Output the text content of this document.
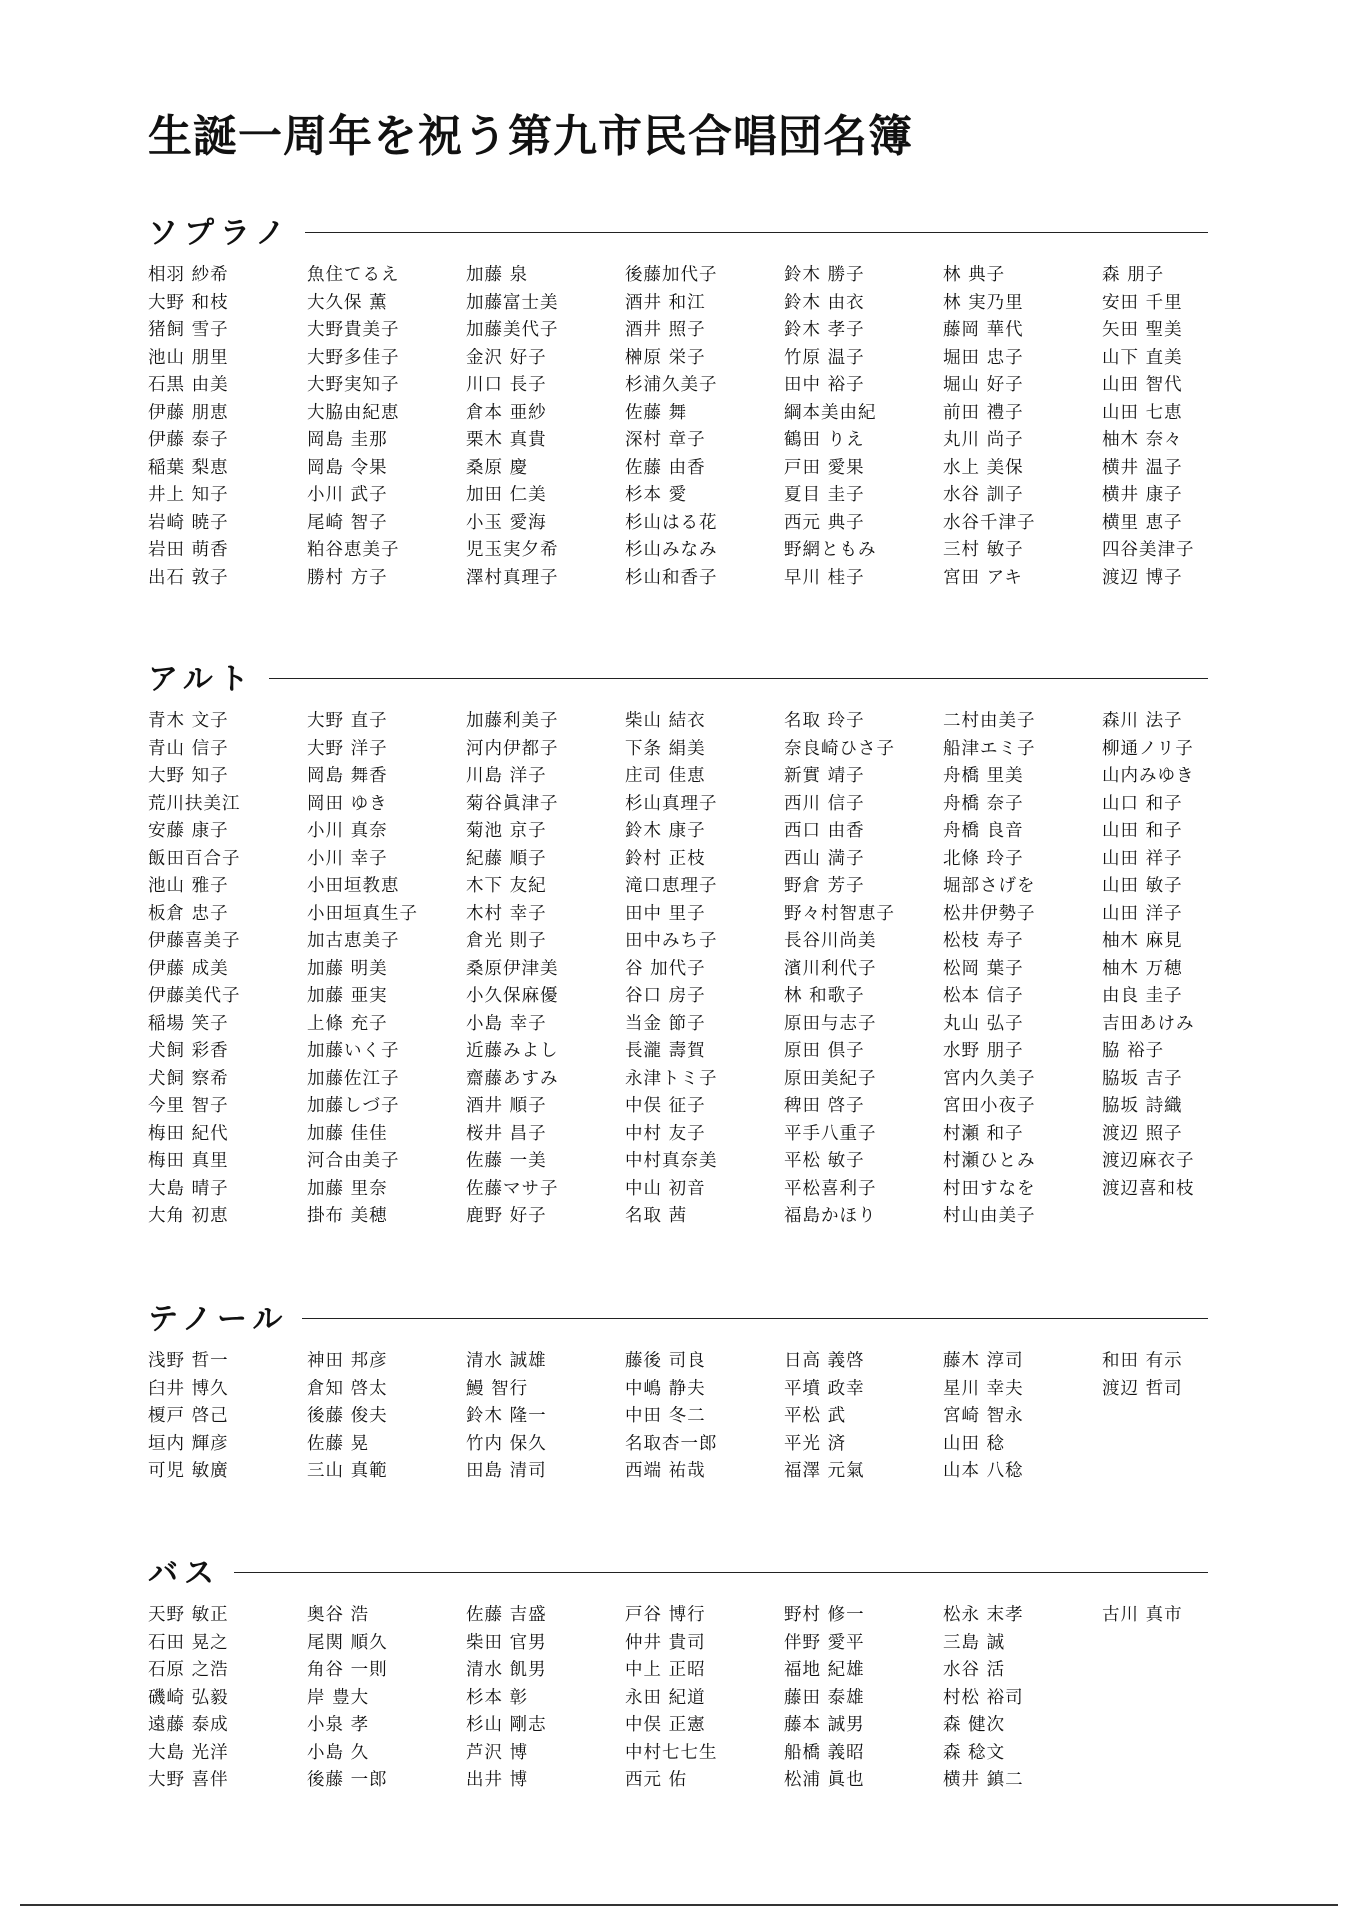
生誕一周年を祝う第九市民合唱団名簿
ソプラノ
相羽 紗希
大野 和枝
猪飼 雪子
池山 朋里
石黒 由美
伊藤 朋恵
伊藤 泰子
稲葉 梨恵
井上 知子
岩崎 暁子
岩田 萌香
出石 敦子
魚住てるえ
大久保 薫
大野貴美子
大野多佳子
大野実知子
大脇由紀恵
岡島 圭那
岡島 令果
小川 武子
尾崎 智子
粕谷恵美子
勝村 方子
加藤 泉
加藤富士美
加藤美代子
金沢 好子
川口 長子
倉本 亜紗
栗木 真貴
桑原 慶
加田 仁美
小玉 愛海
児玉実夕希
澤村真理子
後藤加代子
酒井 和江
酒井 照子
榊原 栄子
杉浦久美子
佐藤 舞
深村 章子
佐藤 由香
杉本 愛
杉山はる花
杉山みなみ
杉山和香子
鈴木 勝子
鈴木 由衣
鈴木 孝子
竹原 温子
田中 裕子
綱本美由紀
鶴田 りえ
戸田 愛果
夏目 圭子
西元 典子
野網ともみ
早川 桂子
林 典子
林 実乃里
藤岡 華代
堀田 忠子
堀山 好子
前田 禮子
丸川 尚子
水上 美保
水谷 訓子
水谷千津子
三村 敏子
宮田 アキ
森 朋子
安田 千里
矢田 聖美
山下 直美
山田 智代
山田 七恵
柚木 奈々
横井 温子
横井 康子
横里 恵子
四谷美津子
渡辺 博子
アルト
青木 文子
青山 信子
大野 知子
荒川扶美江
安藤 康子
飯田百合子
池山 雅子
板倉 忠子
伊藤喜美子
伊藤 成美
伊藤美代子
稲場 笑子
犬飼 彩香
犬飼 察希
今里 智子
梅田 紀代
梅田 真里
大島 晴子
大角 初恵
大野 直子
大野 洋子
岡島 舞香
岡田 ゆき
小川 真奈
小川 幸子
小田垣教恵
小田垣真生子
加古恵美子
加藤 明美
加藤 亜実
上條 充子
加藤いく子
加藤佐江子
加藤しづ子
加藤 佳佳
河合由美子
加藤 里奈
掛布 美穂
加藤利美子
河内伊都子
川島 洋子
菊谷眞津子
菊池 京子
紀藤 順子
木下 友紀
木村 幸子
倉光 則子
桑原伊津美
小久保麻優
小島 幸子
近藤みよし
齋藤あすみ
酒井 順子
桜井 昌子
佐藤 一美
佐藤マサ子
鹿野 好子
柴山 結衣
下条 絹美
庄司 佳恵
杉山真理子
鈴木 康子
鈴村 正枝
滝口恵理子
田中 里子
田中みち子
谷 加代子
谷口 房子
当金 節子
長瀧 壽賀
永津トミ子
中俣 征子
中村 友子
中村真奈美
中山 初音
名取 茜
名取 玲子
奈良崎ひさ子
新實 靖子
西川 信子
西口 由香
西山 満子
野倉 芳子
野々村智恵子
長谷川尚美
濱川利代子
林 和歌子
原田与志子
原田 倶子
原田美紀子
稗田 啓子
平手八重子
平松 敏子
平松喜利子
福島かほり
二村由美子
船津エミ子
舟橋 里美
舟橋 奈子
舟橋 良音
北條 玲子
堀部さげを
松井伊勢子
松枝 寿子
松岡 葉子
松本 信子
丸山 弘子
水野 朋子
宮内久美子
宮田小夜子
村瀬 和子
村瀬ひとみ
村田すなを
村山由美子
森川 法子
柳通ノリ子
山内みゆき
山口 和子
山田 和子
山田 祥子
山田 敏子
山田 洋子
柚木 麻見
柚木 万穂
由良 圭子
吉田あけみ
脇 裕子
脇坂 吉子
脇坂 詩織
渡辺 照子
渡辺麻衣子
渡辺喜和枝
テノール
浅野 哲一
臼井 博久
榎戸 啓己
垣内 輝彦
可児 敏廣
神田 邦彦
倉知 啓太
後藤 俊夫
佐藤 晃
三山 真範
清水 誠雄
鰻 智行
鈴木 隆一
竹内 保久
田島 清司
藤後 司良
中嶋 静夫
中田 冬二
名取杏一郎
西端 祐哉
日高 義啓
平墳 政幸
平松 武
平光 済
福澤 元氣
藤木 淳司
星川 幸夫
宮崎 智永
山田 稔
山本 八稔
和田 有示
渡辺 哲司
バス
天野 敏正
石田 晃之
石原 之浩
磯崎 弘毅
遠藤 泰成
大島 光洋
大野 喜伴
奥谷 浩
尾関 順久
角谷 一則
岸 豊大
小泉 孝
小島 久
後藤 一郎
佐藤 吉盛
柴田 官男
清水 飢男
杉本 彰
杉山 剛志
芦沢 博
出井 博
戸谷 博行
仲井 貴司
中上 正昭
永田 紀道
中俣 正憲
中村七七生
西元 佑
野村 修一
伴野 愛平
福地 紀雄
藤田 泰雄
藤本 誠男
船橋 義昭
松浦 眞也
松永 末孝
三島 誠
水谷 活
村松 裕司
森 健次
森 稔文
横井 鎮二
古川 真市
